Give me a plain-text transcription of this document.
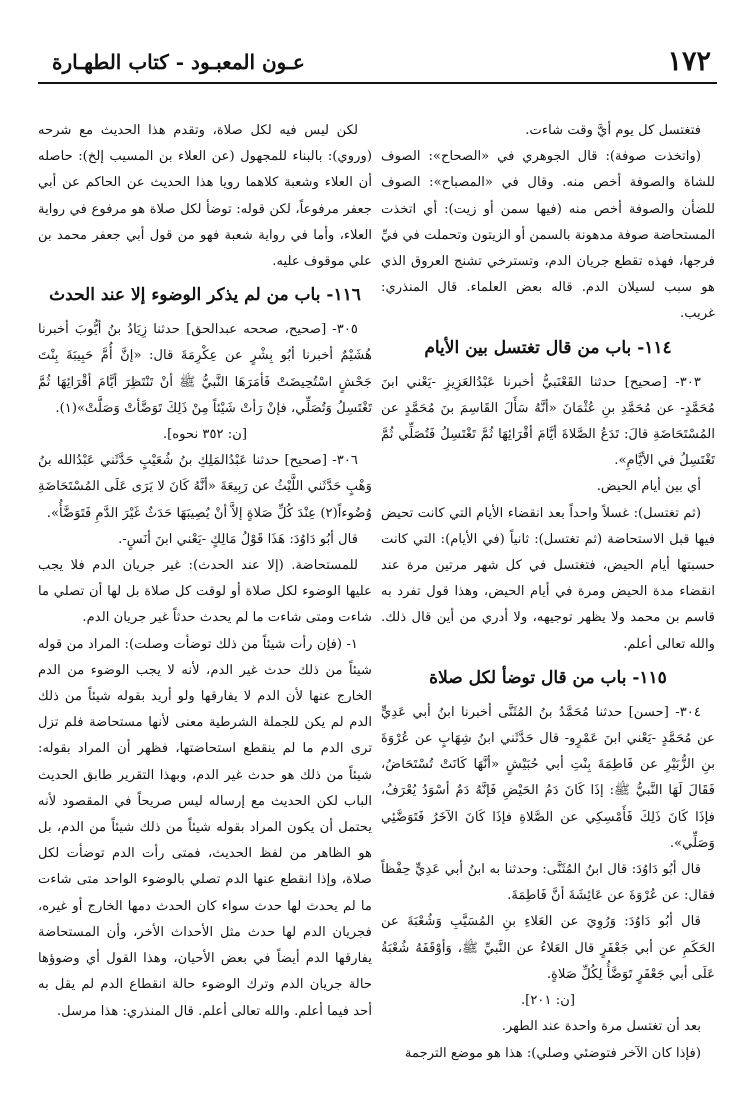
١٧٢
عـون المعبـود - كتاب الطهـارة

فتغتسل كل يوم أيَّ وقت شاءت.

(واتخذت صوفة): قال الجوهري في «الصحاح»: الصوف للشاة والصوفة أخص منه. وقال في «المصباح»: الصوف للضأن والصوفة أخص منه (فيها سمن أو زيت): أي اتخذت المستحاضة صوفة مدهونة بالسمن أو الزيتون وتحملت في فيِّ فرجها، فهذه تقطع جريان الدم، وتسترخي تشنج العروق الذي هو سبب لسيلان الدم. قاله بعض العلماء. قال المنذري: غريب.

١١٤- باب من قال تغتسل بين الأيام

٣٠٣- [صحيح] حدثنا القَعْنَبيُّ أخبرنا عَبْدُالعَزِيزِ -يَعْني ابنَ مُحَمَّدٍ- عن مُحَمَّدِ بنِ عُثْمَانَ «أنَّهُ سَأَلَ القَاسِمَ بنَ مُحَمَّدٍ عن المُسْتَحَاضَةِ قالَ: تَدَعُ الصَّلاةَ أيَّامَ أقْرَائِهَا ثُمَّ تَغْتَسِلُ فَتُصَلِّي ثُمَّ تَغْتَسِلُ في الأيَّامِ».

أي بين أيام الحيض.

(ثم تغتسل): غسلاً واحداً بعد انقضاء الأيام التي كانت تحيض فيها قبل الاستحاضة (ثم تغتسل): ثانياً (في الأيام): التي كانت حسبتها أيام الحيض، فتغتسل في كل شهر مرتين مرة عند انقضاء مدة الحيض ومرة في أيام الحيض، وهذا قول تفرد به قاسم بن محمد ولا يظهر توجيهه، ولا أدري من أين قال ذلك. والله تعالى أعلم.

١١٥- باب من قال توضأ لكل صلاة

٣٠٤- [حسن] حدثنا مُحَمَّدُ بنُ المُثَنَّى أخبرنا ابنُ أبي عَدِيٍّ عن مُحَمَّدٍ -يَعْني ابنَ عَمْرٍو- قال حَدَّثَني ابنُ شِهَابٍ عن عُرْوَةَ بنِ الزُّبَيْرِ عن فَاطِمَةَ بِنْتِ أبي حُبَيْشٍ «أنَّهَا كَانَتْ تُسْتَحَاضُ، فَقَالَ لَهَا النَّبيُّ ﷺ: إذَا كَانَ دَمُ الحَيْضِ فَإنَّهُ دَمٌ أسْوَدُ يُعْرَفُ، فإذَا كَانَ ذَلِكَ فَأَمْسِكِي عن الصَّلاةِ فإذَا كَانَ الآخَرُ فَتَوَضَّئِي وَصَلِّي».

قال أبُو دَاوُدَ: قال ابنُ المُثَنَّى: وحدثنا به ابنُ أبي عَدِيٍّ حِفْظاً فقال: عن عُرْوَةَ عن عَائِشَةَ أنَّ فَاطِمَةَ.

قال أبُو دَاوُدَ: وَرُوِيَ عن العَلاءِ بنِ المُسَيَّبِ وَشُعْبَةَ عن الحَكَمِ عن أبي جَعْفَرٍ قال العَلاءُ عن النَّبيِّ ﷺ، وَأوْقَفَهُ شُعْبَةُ عَلَى أبي جَعْفَرٍ تَوَضَّأُ لِكُلِّ صَلاةٍ.

[ن: ٢٠١].

بعد أن تغتسل مرة واحدة عند الطهر.

(فإذا كان الآخر فتوضئي وصلي): هذا هو موضع الترجمة

لكن ليس فيه لكل صلاة، وتقدم هذا الحديث مع شرحه (وروي): بالبناء للمجهول (عن العلاء بن المسيب إلخ): حاصله أن العلاء وشعبة كلاهما رويا هذا الحديث عن الحاكم عن أبي جعفر مرفوعاً، لكن قوله: توضأ لكل صلاة هو مرفوع في رواية العلاء، وأما في رواية شعبة فهو من قول أبي جعفر محمد بن علي موقوف عليه.

١١٦- باب من لم يذكر الوضوء إلا عند الحدث

٣٠٥- [صحيح، صححه عبدالحق] حدثنا زِيَادُ بنُ أيُّوبَ أخبرنا هُشَيْمٌ أخبرنا أبُو بِشْرٍ عن عِكْرِمَةَ قال: «إنَّ أُمَّ حَبِيبَةَ بِنْتَ جَحْشٍ اسْتُحِيضَتْ فَأمَرَهَا النَّبيُّ ﷺ أنْ تَنْتَظِرَ أيَّامَ أقْرَائِهَا ثُمَّ تَغْتَسِلُ وَتُصَلِّي، فإنْ رَأتْ شَيْئاً مِنْ ذَلِكَ تَوَضَّأتْ وَصَلَّتْ»(١).

[ن: ٣٥٢ نحوه].

٣٠٦- [صحيح] حدثنا عَبْدُالمَلِكِ بنُ شُعَيْبٍ حَدَّثَني عَبْدُالله بنُ وَهْبٍ حَدَّثَني اللَّيْثُ عن رَبِيعَةَ «أنَّهُ كَانَ لا يَرَى عَلَى المُسْتَحَاضَةِ وُضُوءاً(٢) عِنْدَ كُلِّ صَلاةٍ إلاَّ أنْ يُصِيبَهَا حَدَثٌ غَيْرَ الدَّمِ فَتَوَضَّأُ».

قال أبُو دَاوُدَ: هَذَا قَوْلُ مَالِكٍ -يَعْني ابنَ أنَسٍ-.

للمستحاضة. (إلا عند الحدث): غير جريان الدم فلا يجب عليها الوضوء لكل صلاة أو لوقت كل صلاة بل لها أن تصلي ما شاءت ومتى شاءت ما لم يحدث حدثاً غير جريان الدم.

١- (فإن رأت شيئاً من ذلك توضأت وصلت): المراد من قوله شيئاً من ذلك حدث غير الدم، لأنه لا يجب الوضوء من الدم الخارج عنها لأن الدم لا يفارقها ولو أريد بقوله شيئاً من ذلك الدم لم يكن للجملة الشرطية معنى لأنها مستحاضة فلم تزل ترى الدم ما لم ينقطع استحاضتها، فظهر أن المراد بقوله: شيئاً من ذلك هو حدث غير الدم، وبهذا التقرير طابق الحديث الباب لكن الحديث مع إرساله ليس صريحاً في المقصود لأنه يحتمل أن يكون المراد بقوله شيئاً من ذلك شيئاً من الدم، بل هو الظاهر من لفظ الحديث، فمتى رأت الدم توضأت لكل صلاة، وإذا انقطع عنها الدم تصلي بالوضوء الواحد متى شاءت ما لم يحدث لها حدث سواء كان الحدث دمها الخارج أو غيره، فجريان الدم لها حدث مثل الأحداث الأخر، وأن المستحاضة يفارقها الدم أيضاً في بعض الأحيان، وهذا القول أي وضوؤها حالة جريان الدم وترك الوضوء حالة انقطاع الدم لم يقل به أحد فيما أعلم. والله تعالى أعلم. قال المنذري: هذا مرسل.
